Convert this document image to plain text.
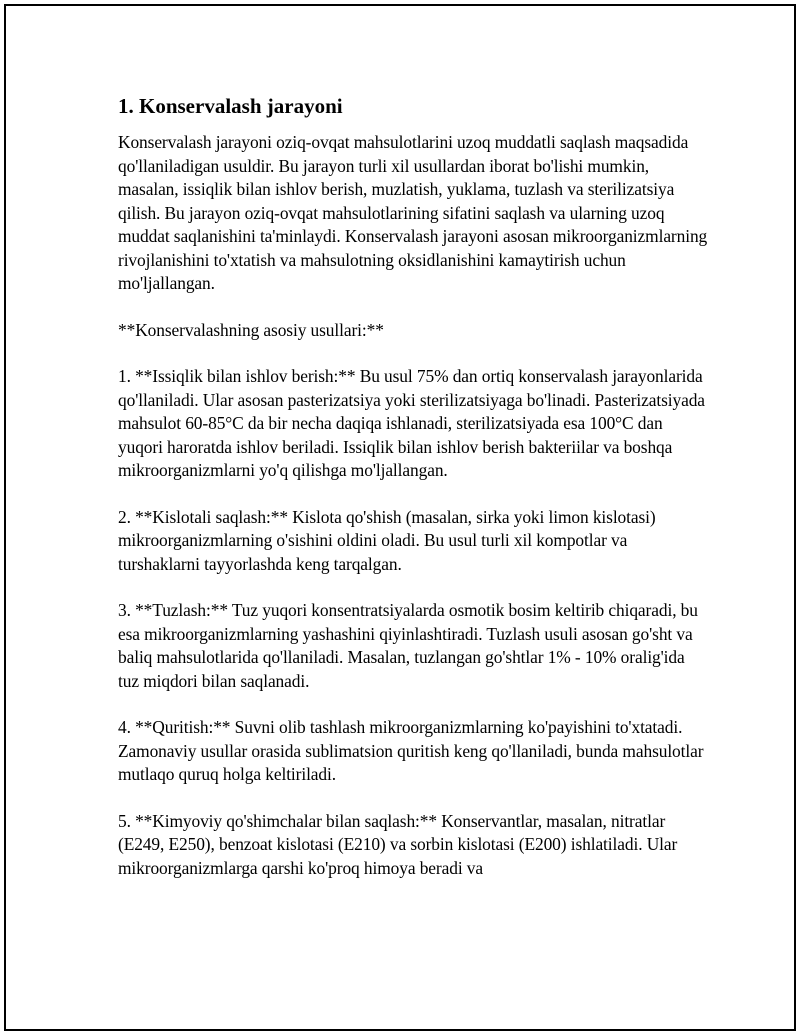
1. Konservalash jarayoni

Konservalash jarayoni oziq-ovqat mahsulotlarini uzoq muddatli saqlash maqsadida qo'llaniladigan usuldir. Bu jarayon turli xil usullardan iborat bo'lishi mumkin, masalan, issiqlik bilan ishlov berish, muzlatish, yuklama, tuzlash va sterilizatsiya qilish. Bu jarayon oziq-ovqat mahsulotlarining sifatini saqlash va ularning uzoq muddat saqlanishini ta'minlaydi. Konservalash jarayoni asosan mikroorganizmlarning rivojlanishini to'xtatish va mahsulotning oksidlanishini kamaytirish uchun mo'ljallangan.

**Konservalashning asosiy usullari:**

1. **Issiqlik bilan ishlov berish:** Bu usul 75% dan ortiq konservalash jarayonlarida qo'llaniladi. Ular asosan pasterizatsiya yoki sterilizatsiyaga bo'linadi. Pasterizatsiyada mahsulot 60-85°C da bir necha daqiqa ishlanadi, sterilizatsiyada esa 100°C dan yuqori haroratda ishlov beriladi. Issiqlik bilan ishlov berish bakteriilar va boshqa mikroorganizmlarni yo'q qilishga mo'ljallangan.

2. **Kislotali saqlash:** Kislota qo'shish (masalan, sirka yoki limon kislotasi) mikroorganizmlarning o'sishini oldini oladi. Bu usul turli xil kompotlar va turshaklarni tayyorlashda keng tarqalgan.

3. **Tuzlash:** Tuz yuqori konsentratsiyalarda osmotik bosim keltirib chiqaradi, bu esa mikroorganizmlarning yashashini qiyinlashtiradi. Tuzlash usuli asosan go'sht va baliq mahsulotlarida qo'llaniladi. Masalan, tuzlangan go'shtlar 1% - 10% oralig'ida tuz miqdori bilan saqlanadi.

4. **Quritish:** Suvni olib tashlash mikroorganizmlarning ko'payishini to'xtatadi. Zamonaviy usullar orasida sublimatsion quritish keng qo'llaniladi, bunda mahsulotlar mutlaqo quruq holga keltiriladi.

5. **Kimyoviy qo'shimchalar bilan saqlash:** Konservantlar, masalan, nitratlar (E249, E250), benzoat kislotasi (E210) va sorbin kislotasi (E200) ishlatiladi. Ular mikroorganizmlarga qarshi ko'proq himoya beradi va
